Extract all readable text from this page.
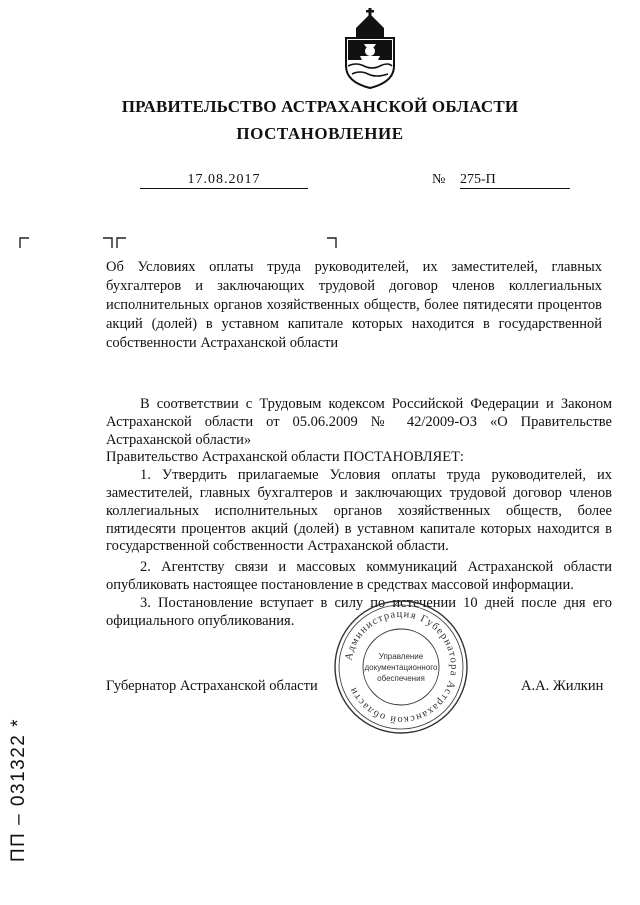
ПРАВИТЕЛЬСТВО АСТРАХАНСКОЙ ОБЛАСТИ
ПОСТАНОВЛЕНИЕ
17.08.2017	№ 275-П
Об Условиях оплаты труда руководителей, их заместителей, главных бухгалтеров и заключающих трудовой договор членов коллегиальных исполнительных органов хозяйственных обществ, более пятидесяти процентов акций (долей) в уставном капитале которых находится в государственной собственности Астраханской области

В соответствии с Трудовым кодексом Российской Федерации и Законом Астраханской области от 05.06.2009 № 42/2009-ОЗ «О Правительстве Астраханской области»

Правительство Астраханской области ПОСТАНОВЛЯЕТ:

1. Утвердить прилагаемые Условия оплаты труда руководителей, их заместителей, главных бухгалтеров и заключающих трудовой договор членов коллегиальных исполнительных органов хозяйственных обществ, более пятидесяти процентов акций (долей) в уставном капитале которых находится в государственной собственности Астраханской области.

2. Агентству связи и массовых коммуникаций Астраханской области опубликовать настоящее постановление в средствах массовой информации.

3. Постановление вступает в силу по истечении 10 дней после дня его официального опубликования.

Губернатор Астраханской области	А.А. Жилкин
Администрация Губернатора Астраханской области
Управление
документационного
обеспечения
ПП – 031322 *
